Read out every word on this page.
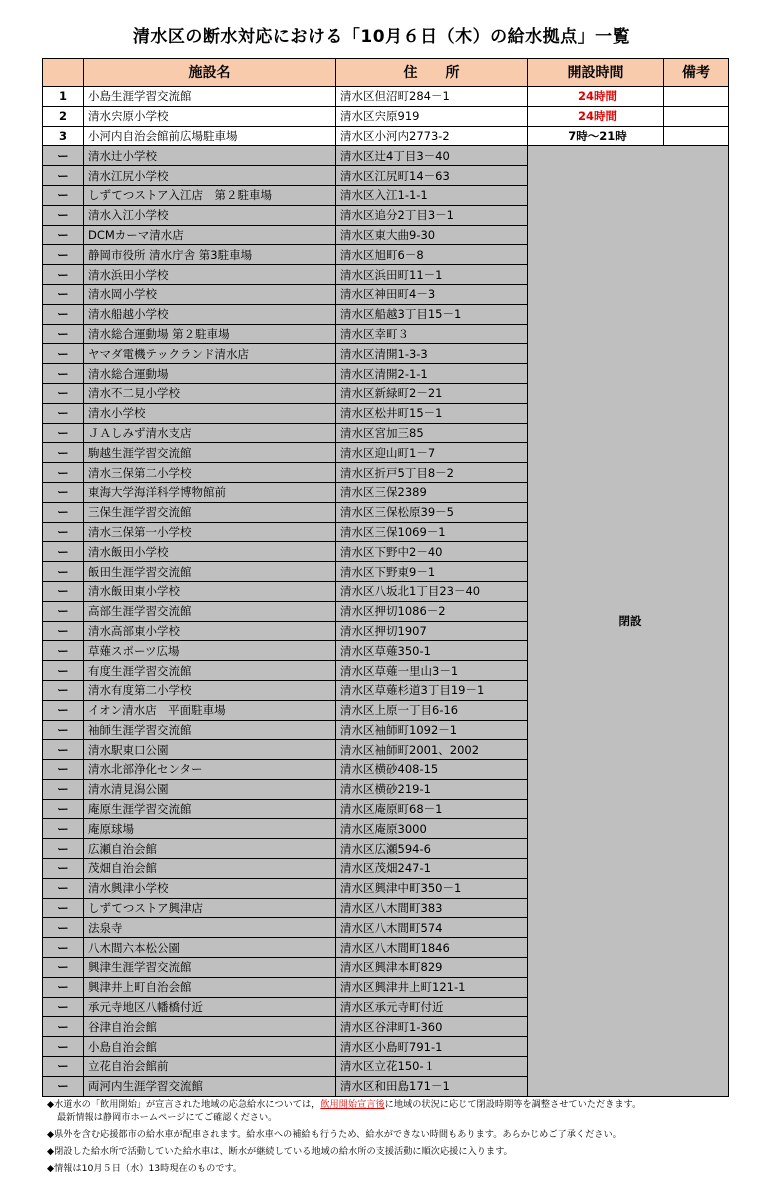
清水区の断水対応における「10月６日（木）の給水拠点」一覧
	施設名	住　　所	開設時間	備考
1	小島生涯学習交流館	清水区但沼町284－1	24時間	
2	清水宍原小学校	清水区宍原919	24時間	
3	小河内自治会館前広場駐車場	清水区小河内2773-2	7時～21時	
ー	清水辻小学校	清水区辻4丁目3－40	閉設	
ー	清水江尻小学校	清水区江尻町14－63		
ー	しずてつストア入江店　第２駐車場	清水区入江1-1-1		
ー	清水入江小学校	清水区追分2丁目3－1		
ー	DCMカーマ清水店	清水区東大曲9-30		
ー	静岡市役所 清水庁舎 第3駐車場	清水区旭町6－8		
ー	清水浜田小学校	清水区浜田町11－1		
ー	清水岡小学校	清水区神田町4－3		
ー	清水船越小学校	清水区船越3丁目15－1		
ー	清水総合運動場 第２駐車場	清水区幸町３		
ー	ヤマダ電機テックランド清水店	清水区清開1-3-3		
ー	清水総合運動場	清水区清開2-1-1		
ー	清水不二見小学校	清水区新緑町2－21		
ー	清水小学校	清水区松井町15－1		
ー	ＪＡしみず清水支店	清水区宮加三85		
ー	駒越生涯学習交流館	清水区迎山町1－7		
ー	清水三保第二小学校	清水区折戸5丁目8－2		
ー	東海大学海洋科学博物館前	清水区三保2389		
ー	三保生涯学習交流館	清水区三保松原39－5		
ー	清水三保第一小学校	清水区三保1069－1		
ー	清水飯田小学校	清水区下野中2－40		
ー	飯田生涯学習交流館	清水区下野東9－1		
ー	清水飯田東小学校	清水区八坂北1丁目23－40		
ー	高部生涯学習交流館	清水区押切1086－2		
ー	清水高部東小学校	清水区押切1907		
ー	草薙スポーツ広場	清水区草薙350-1		
ー	有度生涯学習交流館	清水区草薙一里山3－1		
ー	清水有度第二小学校	清水区草薙杉道3丁目19－1		
ー	イオン清水店　平面駐車場	清水区上原一丁目6-16		
ー	袖師生涯学習交流館	清水区袖師町1092－1		
ー	清水駅東口公園	清水区袖師町2001、2002		
ー	清水北部浄化センター	清水区横砂408-15		
ー	清水清見潟公園	清水区横砂219-1		
ー	庵原生涯学習交流館	清水区庵原町68－1		
ー	庵原球場	清水区庵原3000		
ー	広瀬自治会館	清水区広瀬594-6		
ー	茂畑自治会館	清水区茂畑247-1		
ー	清水興津小学校	清水区興津中町350－1		
ー	しずてつストア興津店	清水区八木間町383		
ー	法泉寺	清水区八木間町574		
ー	八木間六本松公園	清水区八木間町1846		
ー	興津生涯学習交流館	清水区興津本町829		
ー	興津井上町自治会館	清水区興津井上町121-1		
ー	承元寺地区八幡橋付近	清水区承元寺町付近		
ー	谷津自治会館	清水区谷津町1-360		
ー	小島自治会館	清水区小島町791-1		
ー	立花自治会館前	清水区立花150-１		
ー	両河内生涯学習交流館	清水区和田島171－1		
◆水道水の「飲用開始」が宣言された地域の応急給水については，飲用開始宣言後に地域の状況に応じて閉設時期等を調整させていただきます。
最新情報は静岡市ホームページにてご確認ください。
◆県外を含む応援都市の給水車が配車されます。給水車への補給も行うため、給水ができない時間もあります。あらかじめご了承ください。
◆閉設した給水所で活動していた給水車は、断水が継続している地域の給水所の支援活動に順次応援に入ります。
◆情報は10月５日（水）13時現在のものです。
